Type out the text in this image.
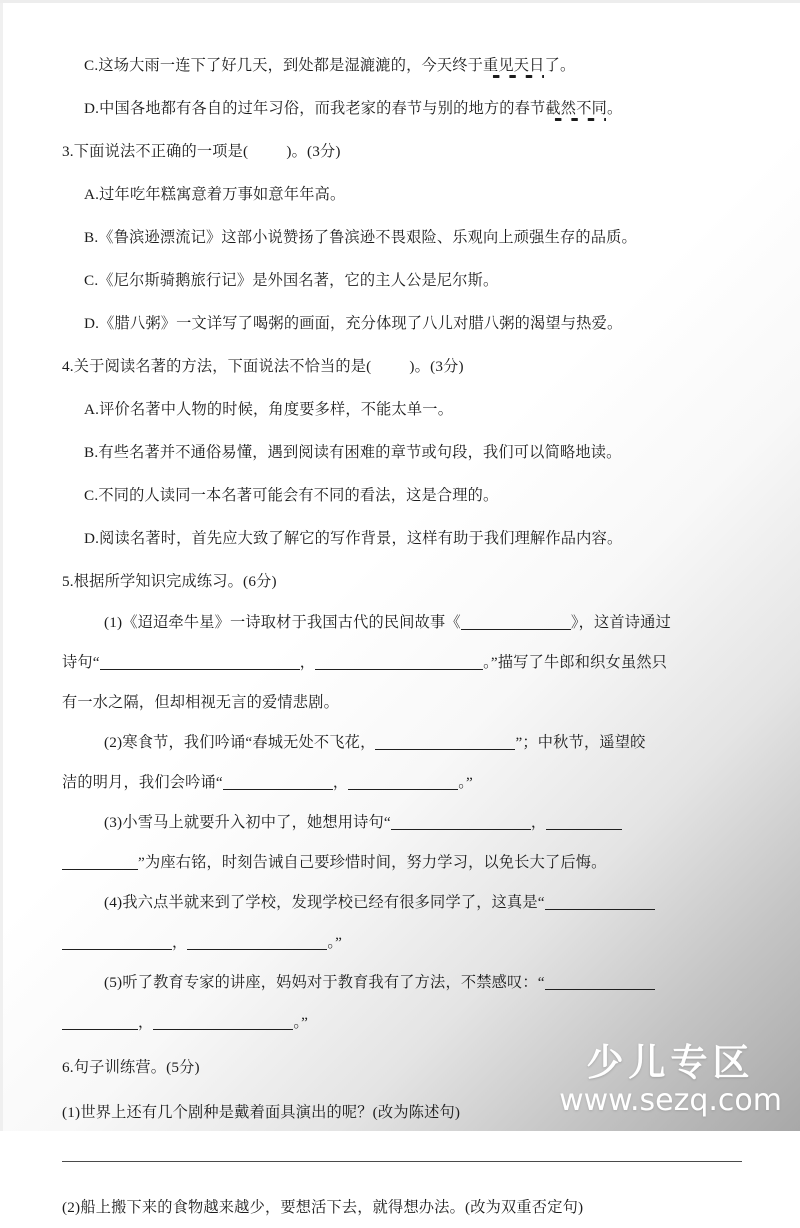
C.这场大雨一连下了好几天，到处都是湿漉漉的，今天终于重见天日了。
D.中国各地都有各自的过年习俗，而我老家的春节与别的地方的春节截然不同。
3.下面说法不正确的一项是(	)。(3分)
A.过年吃年糕寓意着万事如意年年高。
B.《鲁滨逊漂流记》这部小说赞扬了鲁滨逊不畏艰险、乐观向上顽强生存的品质。
C.《尼尔斯骑鹅旅行记》是外国名著，它的主人公是尼尔斯。
D.《腊八粥》一文详写了喝粥的画面，充分体现了八儿对腊八粥的渴望与热爱。
4.关于阅读名著的方法，下面说法不恰当的是(	)。(3分)
A.评价名著中人物的时候，角度要多样，不能太单一。
B.有些名著并不通俗易懂，遇到阅读有困难的章节或句段，我们可以简略地读。
C.不同的人读同一本名著可能会有不同的看法，这是合理的。
D.阅读名著时，首先应大致了解它的写作背景，这样有助于我们理解作品内容。
5.根据所学知识完成练习。(6分)
(1)《迢迢牵牛星》一诗取材于我国古代的民间故事《	》，这首诗通过
诗句“	，	。”描写了牛郎和织女虽然只
有一水之隔，但却相视无言的爱情悲剧。
(2)寒食节，我们吟诵“春城无处不飞花，	”；中秋节，遥望皎
洁的明月，我们会吟诵“	，	。”
(3)小雪马上就要升入初中了，她想用诗句“	，
”为座右铭，时刻告诫自己要珍惜时间，努力学习，以免长大了后悔。
(4)我六点半就来到了学校，发现学校已经有很多同学了，这真是“
，	。”
(5)听了教育专家的讲座，妈妈对于教育我有了方法，不禁感叹：“
，	。”
6.句子训练营。(5分)
(1)世界上还有几个剧种是戴着面具演出的呢？(改为陈述句)
(2)船上搬下来的食物越来越少，要想活下去，就得想办法。(改为双重否定句)
少儿专区
www.sezq.com
